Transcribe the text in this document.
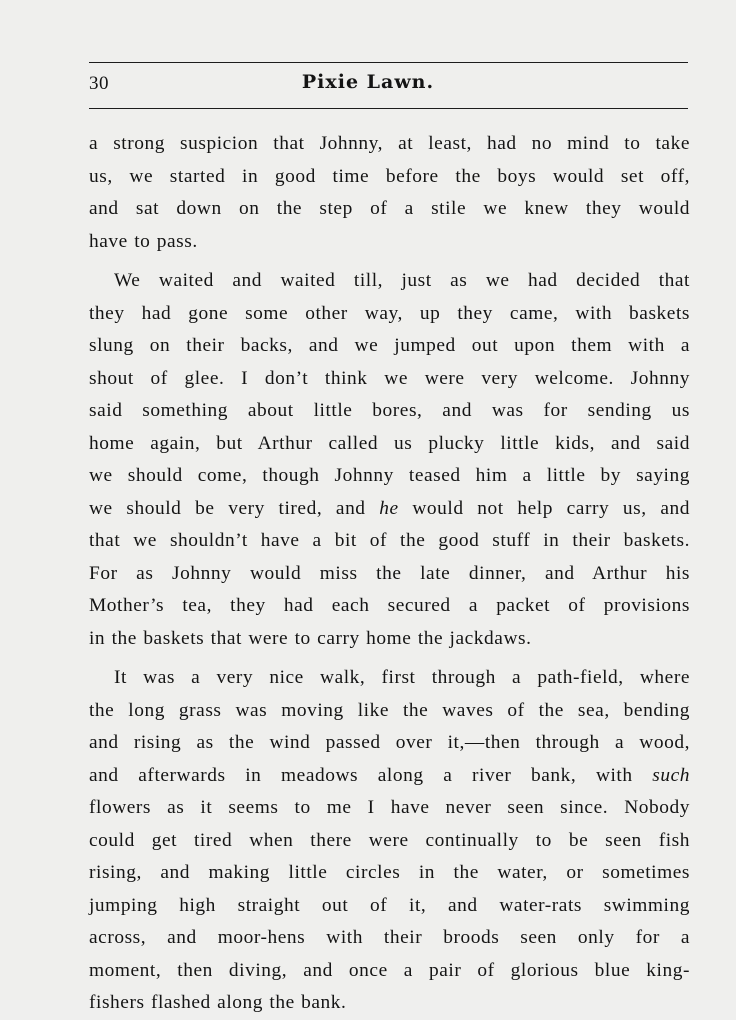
30	Pixie Lawn.
a strong suspicion that Johnny, at least, had no mind to take
us, we started in good time before the boys would set off,
and sat down on the step of a stile we knew they would
have to pass.
We waited and waited till, just as we had decided that
they had gone some other way, up they came, with baskets
slung on their backs, and we jumped out upon them with a
shout of glee. I don’t think we were very welcome. Johnny
said something about little bores, and was for sending us
home again, but Arthur called us plucky little kids, and said
we should come, though Johnny teased him a little by saying
we should be very tired, and he would not help carry us, and
that we shouldn’t have a bit of the good stuff in their baskets.
For as Johnny would miss the late dinner, and Arthur his
Mother’s tea, they had each secured a packet of provisions
in the baskets that were to carry home the jackdaws.
It was a very nice walk, first through a path-field, where
the long grass was moving like the waves of the sea, bending
and rising as the wind passed over it,—then through a wood,
and afterwards in meadows along a river bank, with such
flowers as it seems to me I have never seen since. Nobody
could get tired when there were continually to be seen fish
rising, and making little circles in the water, or sometimes
jumping high straight out of it, and water-rats swimming
across, and moor-hens with their broods seen only for a
moment, then diving, and once a pair of glorious blue king-
fishers flashed along the bank.
